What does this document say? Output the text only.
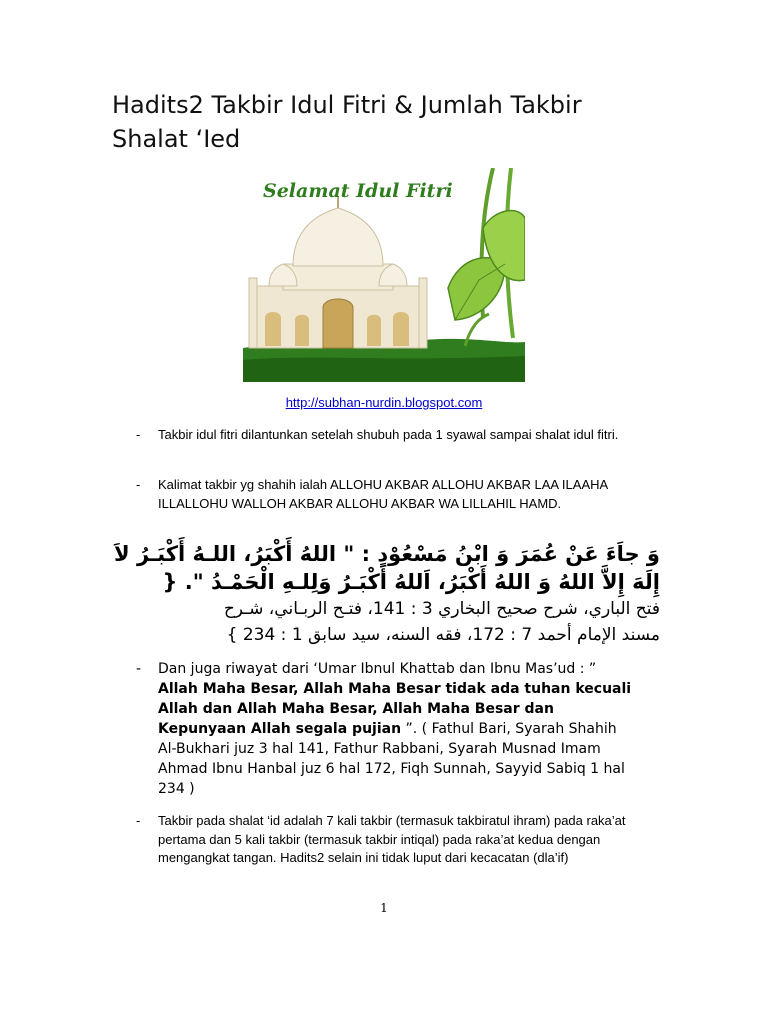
Hadits2 Takbir Idul Fitri & Jumlah Takbir
Shalat ‘Ied
Selamat Idul Fitri
http://subhan-nurdin.blogspot.com
- Takbir idul fitri dilantunkan setelah shubuh pada 1 syawal sampai shalat idul fitri.
- Kalimat takbir yg shahih ialah ALLOHU AKBAR ALLOHU AKBAR LAA ILAAHA ILLALLOHU WALLOH AKBAR ALLOHU AKBAR WA LILLAHIL HAMD.
وَ جاَءَ عَنْ عُمَرَ وَ ابْنُ مَسْعُوْدٍ : " اللهُ أَكْبَرُ، اللـهُ أَكْبَـرُ لاَ
إِلَهَ إِلاَّ اللهُ وَ اللهُ أَكْبَرُ، اَللهُ أَكْبَـرُ وَلِلـهِ الْحَمْـدُ ". {
فتح الباري، شرح صحيح البخاري 3 : 141، فتـح الربـاني، شـرح
مسند الإمام أحمد 7 : 172، فقه السنه، سيد سابق 1 : 234 }
- Dan juga riwayat dari ‘Umar Ibnul Khattab dan Ibnu Mas’ud : ” Allah Maha Besar, Allah Maha Besar tidak ada tuhan kecuali Allah dan Allah Maha Besar, Allah Maha Besar dan Kepunyaan Allah segala pujian ”. ( Fathul Bari, Syarah Shahih Al-Bukhari juz 3 hal 141, Fathur Rabbani, Syarah Musnad Imam Ahmad Ibnu Hanbal juz 6 hal 172, Fiqh Sunnah, Sayyid Sabiq 1 hal 234 )
- Takbir pada shalat ‘id adalah 7 kali takbir (termasuk takbiratul ihram) pada raka’at pertama dan 5 kali takbir (termasuk takbir intiqal) pada raka’at kedua dengan mengangkat tangan. Hadits2 selain ini tidak luput dari kecacatan (dla’if)
1
